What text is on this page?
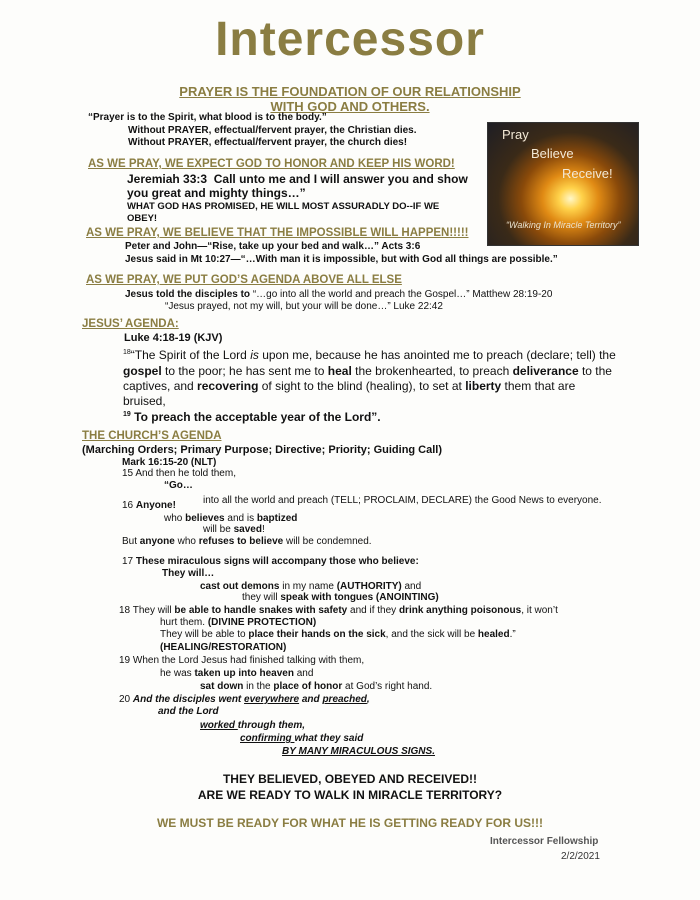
Intercessor
PRAYER IS THE FOUNDATION OF OUR RELATIONSHIP
WITH GOD AND OTHERS.
“Prayer is to the Spirit, what blood is to the body.”
Without PRAYER, effectual/fervent prayer, the Christian dies.
Without PRAYER, effectual/fervent prayer, the church dies!
Pray
Believe
Receive!
“Walking In Miracle Territory”
AS WE PRAY, WE EXPECT GOD TO HONOR AND KEEP HIS WORD!
Jeremiah 33:3 Call unto me and I will answer you and show
you great and mighty things…”
WHAT GOD HAS PROMISED, HE WILL MOST ASSURADLY DO--IF WE
OBEY!
AS WE PRAY, WE BELIEVE THAT THE IMPOSSIBLE WILL HAPPEN!!!!!
Peter and John—“Rise, take up your bed and walk…” Acts 3:6
Jesus said in Mt 10:27—“…With man it is impossible, but with God all things are possible.”
AS WE PRAY, WE PUT GOD’S AGENDA ABOVE ALL ELSE
Jesus told the disciples to “…go into all the world and preach the Gospel…” Matthew 28:19-20
“Jesus prayed, not my will, but your will be done…” Luke 22:42
JESUS’ AGENDA:
Luke 4:18-19 (KJV)
$^{18}$“The Spirit of the Lord is upon me, because he has anointed me to preach (declare; tell) the
gospel to the poor; he has sent me to heal the brokenhearted, to preach deliverance to the
captives, and recovering of sight to the blind (healing), to set at liberty them that are
bruised,
$^{19}$ To preach the acceptable year of the Lord”.
THE CHURCH’S AGENDA
(Marching Orders; Primary Purpose; Directive; Priority; Guiding Call)
Mark 16:15-20 (NLT)
15 And then he told them,
“Go…
into all the world and preach (TELL; PROCLAIM, DECLARE) the Good News to everyone.
16 Anyone!
who believes and is baptized
will be saved!
But anyone who refuses to believe will be condemned.
17 These miraculous signs will accompany those who believe:
They will…
cast out demons in my name (AUTHORITY) and
they will speak with tongues (ANOINTING)
18 They will be able to handle snakes with safety and if they drink anything poisonous, it won’t
hurt them. (DIVINE PROTECTION)
They will be able to place their hands on the sick, and the sick will be healed.”
(HEALING/RESTORATION)
19 When the Lord Jesus had finished talking with them,
he was taken up into heaven and
sat down in the place of honor at God’s right hand.
20 And the disciples went everywhere and preached,
and the Lord
worked through them,
confirming what they said
BY MANY MIRACULOUS SIGNS.
THEY BELIEVED, OBEYED AND RECEIVED!!
ARE WE READY TO WALK IN MIRACLE TERRITORY?
WE MUST BE READY FOR WHAT HE IS GETTING READY FOR US!!!
Intercessor Fellowship
2/2/2021
